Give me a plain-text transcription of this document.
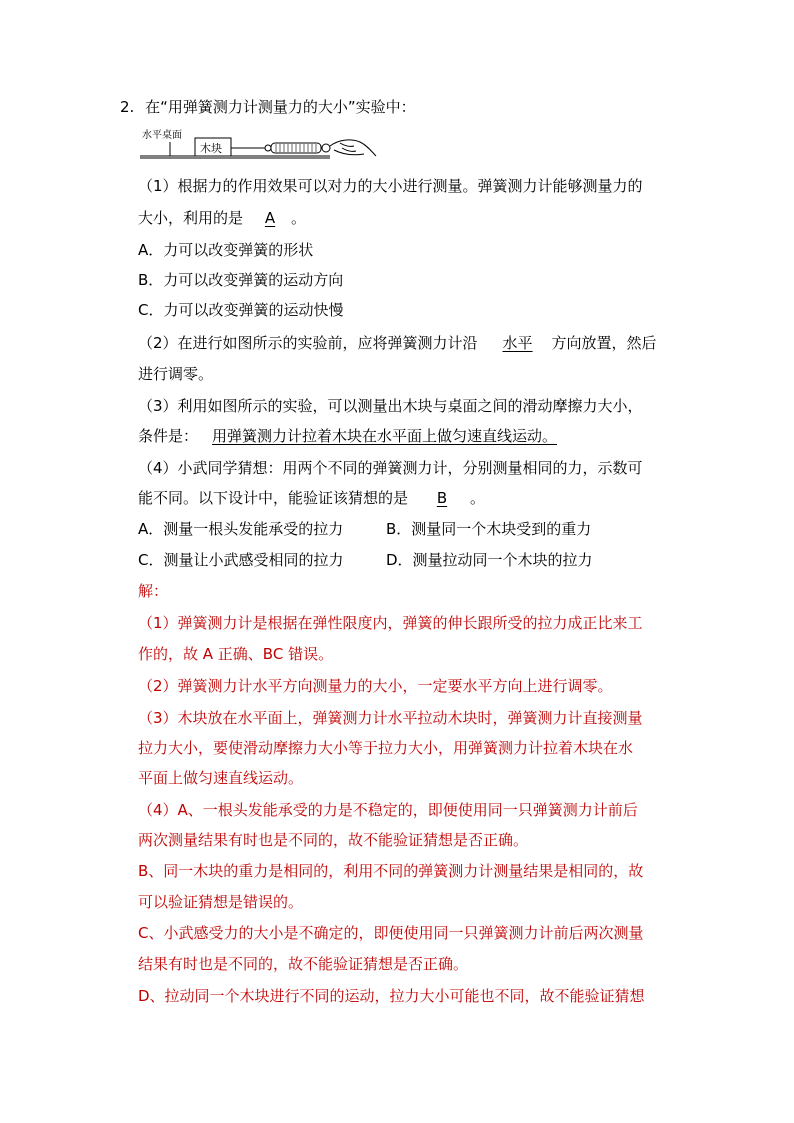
2. 在“用弹簧测力计测量力的大小”实验中：
水平桌面
木块
（1）根据力的作用效果可以对力的大小进行测量。弹簧测力计能够测量力的
大小，利用的是 A 。
A．力可以改变弹簧的形状
B．力可以改变弹簧的运动方向
C．力可以改变弹簧的运动快慢
（2）在进行如图所示的实验前，应将弹簧测力计沿 水平 方向放置，然后
进行调零。
（3）利用如图所示的实验，可以测量出木块与桌面之间的滑动摩擦力大小，
条件是： 用弹簧测力计拉着木块在水平面上做匀速直线运动。
（4）小武同学猜想：用两个不同的弹簧测力计，分别测量相同的力，示数可
能不同。以下设计中，能验证该猜想的是 B 。
A．测量一根头发能承受的拉力	B．测量同一个木块受到的重力
C．测量让小武感受相同的拉力	D．测量拉动同一个木块的拉力
解：
（1）弹簧测力计是根据在弹性限度内，弹簧的伸长跟所受的拉力成正比来工
作的，故 A 正确、BC 错误。
（2）弹簧测力计水平方向测量力的大小，一定要水平方向上进行调零。
（3）木块放在水平面上，弹簧测力计水平拉动木块时，弹簧测力计直接测量
拉力大小，要使滑动摩擦力大小等于拉力大小，用弹簧测力计拉着木块在水
平面上做匀速直线运动。
（4）A、一根头发能承受的力是不稳定的，即便使用同一只弹簧测力计前后
两次测量结果有时也是不同的，故不能验证猜想是否正确。
B、同一木块的重力是相同的，利用不同的弹簧测力计测量结果是相同的，故
可以验证猜想是错误的。
C、小武感受力的大小是不确定的，即便使用同一只弹簧测力计前后两次测量
结果有时也是不同的，故不能验证猜想是否正确。
D、拉动同一个木块进行不同的运动，拉力大小可能也不同，故不能验证猜想
